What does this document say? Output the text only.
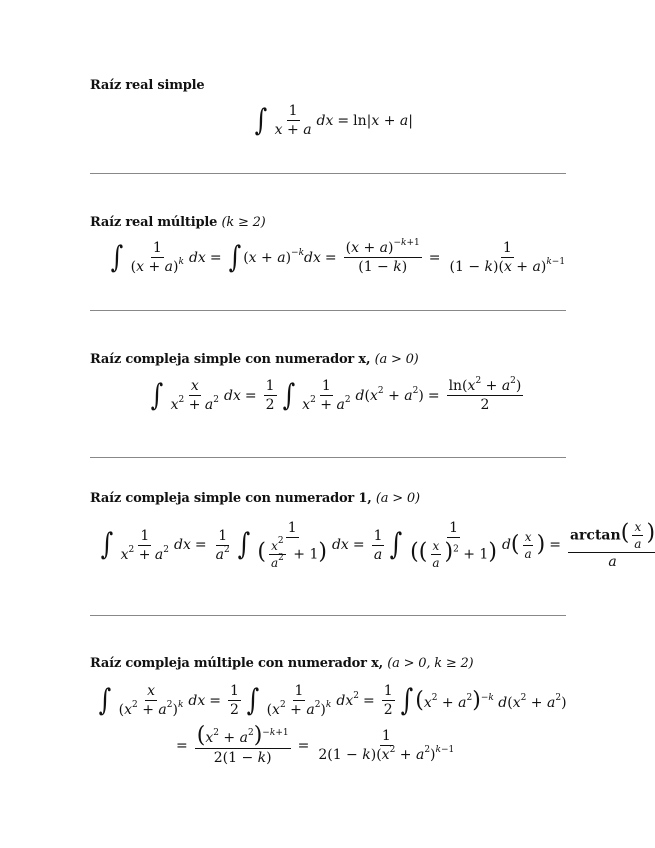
Raíz real simple
∫ $\frac{1}{x + a}$ dx = ln|x + a|
Raíz real múltiple (k ≥ 2)
∫ $\frac{1}{(x + a)^k}$ dx = ∫ $(x + a)^{-k}dx = \frac{(x + a)^{-k+1}}{(1 - k)} = \frac{1}{(1 - k)(x + a)^{k-1}}$
Raíz compleja simple con numerador x, (a > 0)
∫ $\frac{x}{x^2 + a^2}$ dx = $\frac{1}{2}$ ∫ $\frac{1}{x^2 + a^2} d(x^2 + a^2) = \frac{\ln(x^2 + a^2)}{2}$
Raíz compleja simple con numerador 1, (a > 0)
∫ $\frac{1}{x^2 + a^2}$ dx = $\frac{1}{a^2}$ ∫ $\frac{1}{( \frac{x^2}{a^2} + 1)}$ dx = $\frac{1}{a}$ ∫ $\frac{1}{(( \frac{x}{a} )^2 + 1)}$ d ( $\frac{x}{a}$ ) = $\frac{\arctan( \frac{x}{a} )}{a}$
Raíz compleja múltiple con numerador x, (a > 0, k ≥ 2)
∫ $\frac{x}{(x^2 + a^2)^k}$ dx = $\frac{1}{2}$ ∫ $\frac{1}{(x^2 + a^2)^k} dx^2 = \frac{1}{2}$ ∫ $(x^2 + a^2)^{-k}$ $d(x^2 + a^2)$
= $\frac{(x^2 + a^2)^{-k+1}}{2(1 - k)} = \frac{1}{2(1 - k)(x^2 + a^2)^{k-1}}$
